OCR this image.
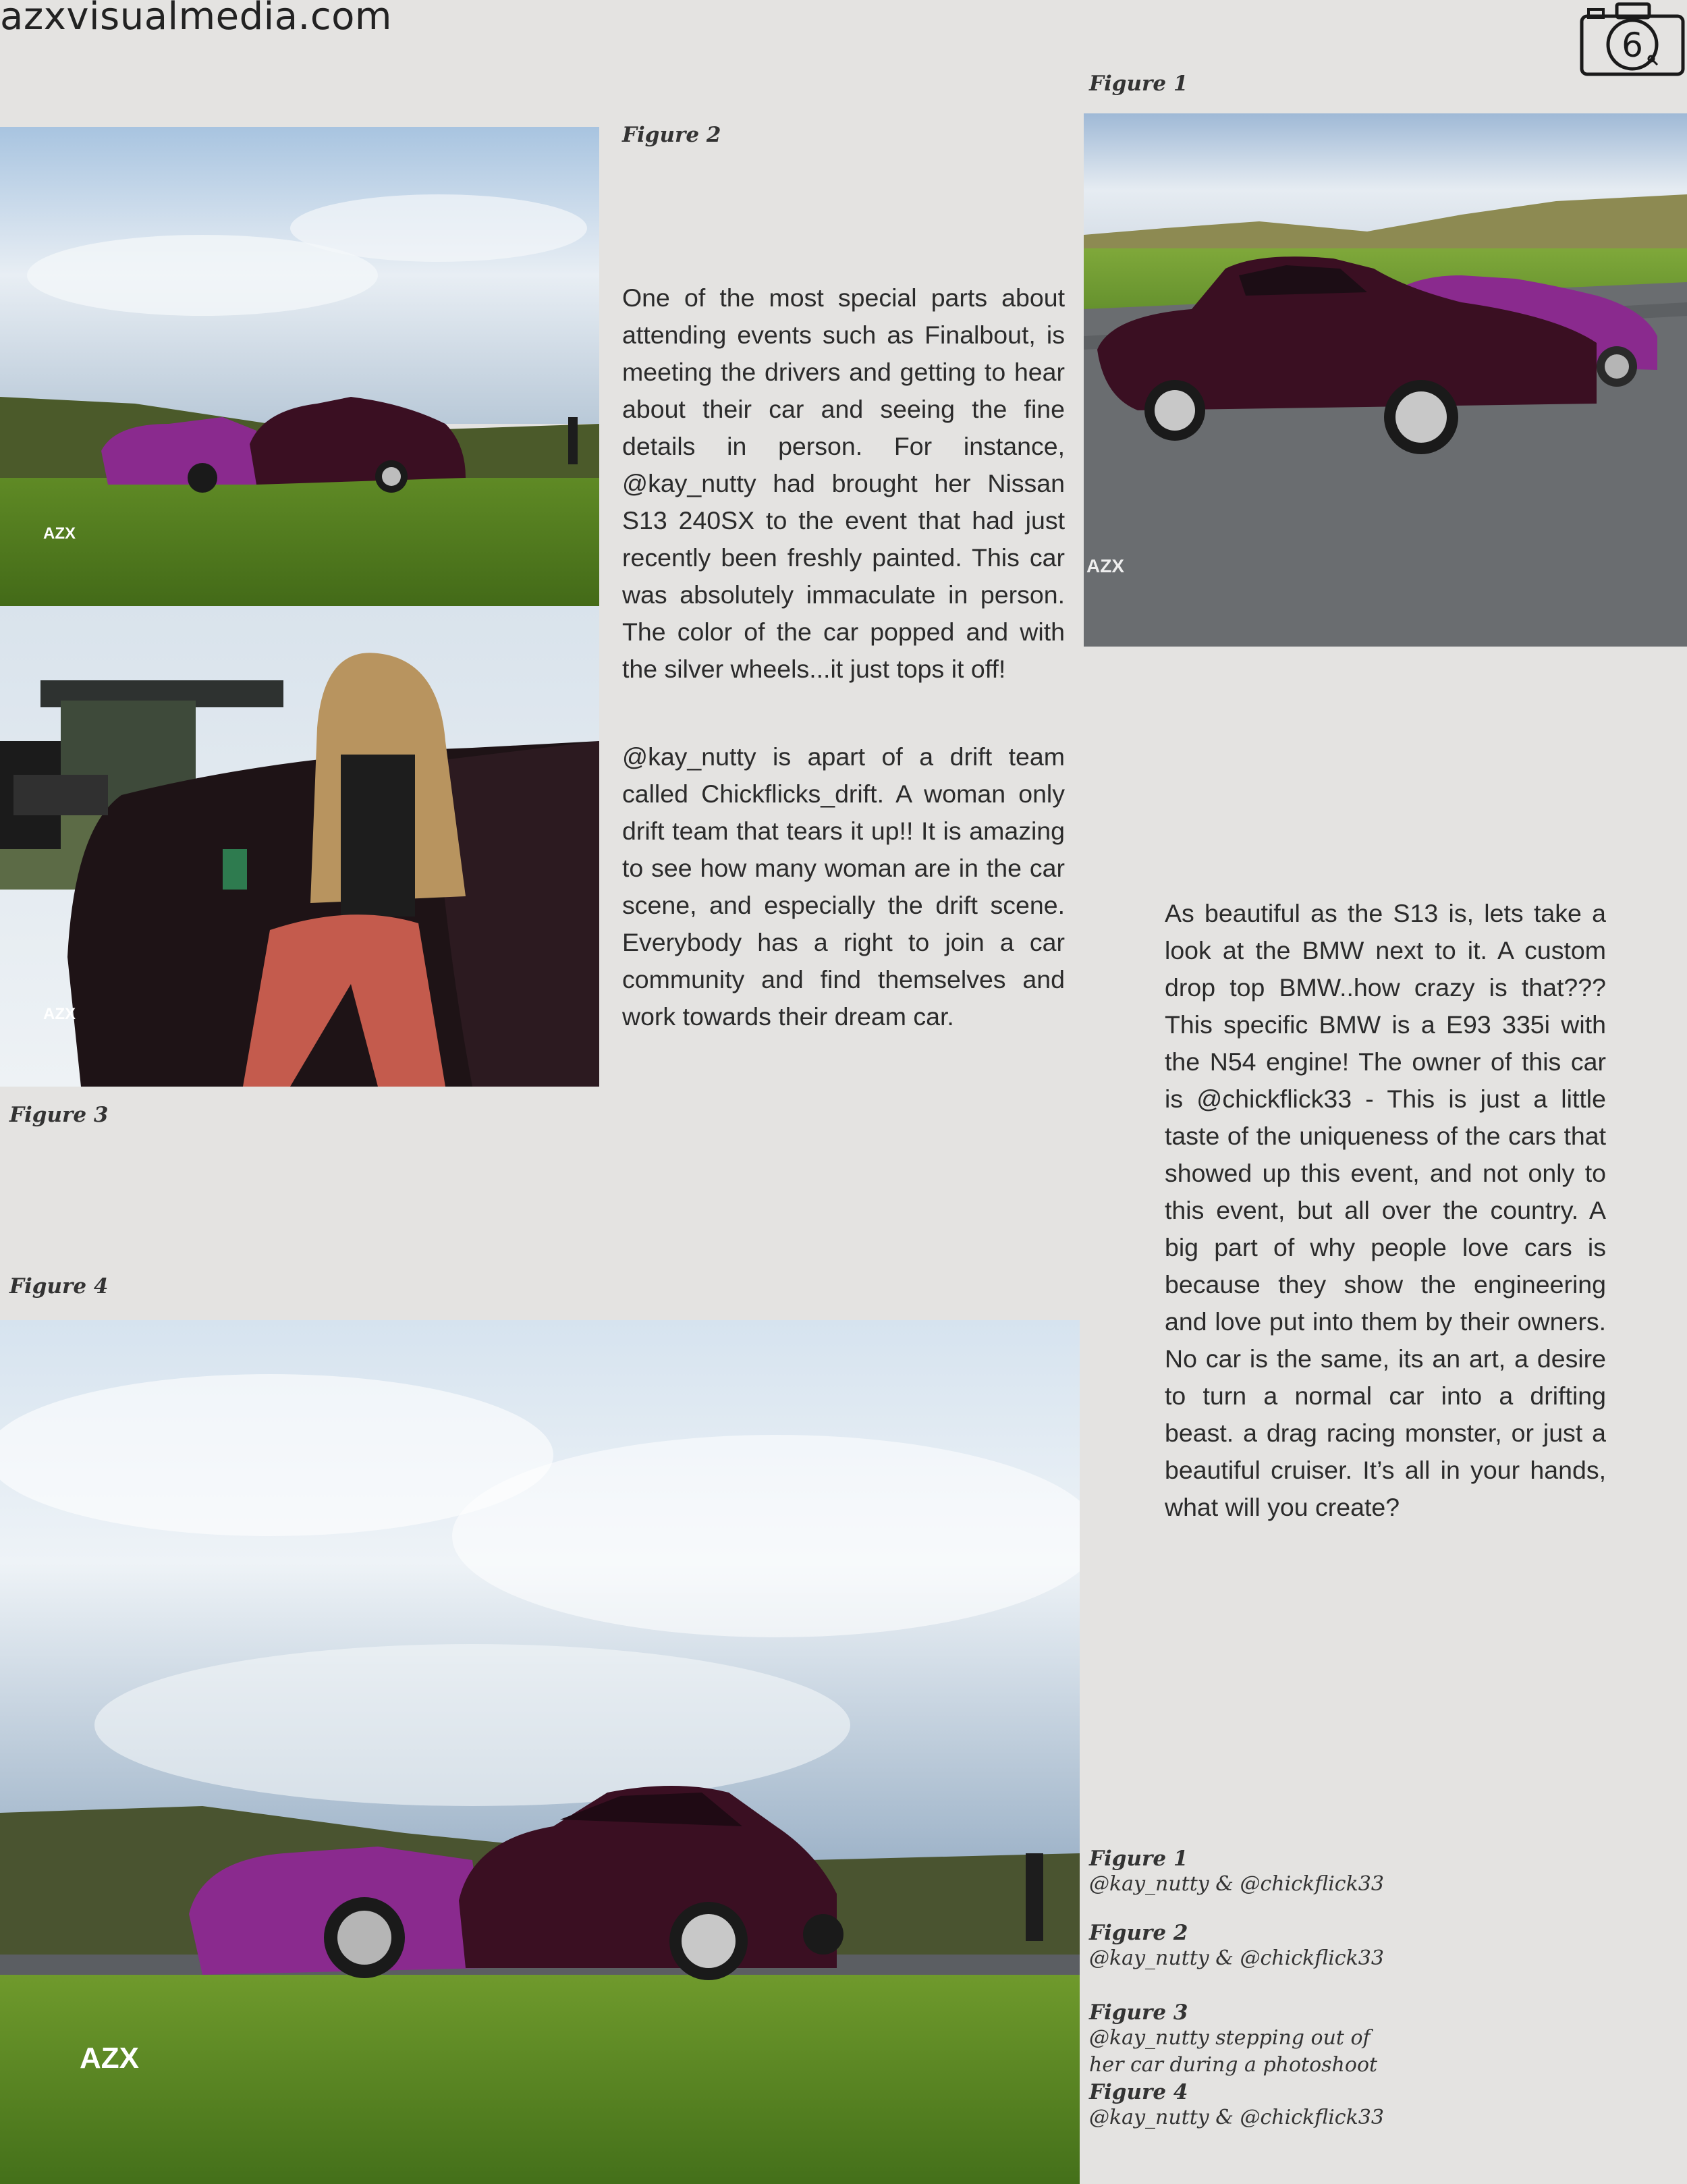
azxvisualmedia.com
6
Figure 1
AZX
Figure 2
AZX
AZX
Figure 3
One of the most special parts about attending events such as Finalbout, is meeting the drivers and getting to hear about their car and seeing the fine details in person. For instance, @kay_nutty had brought her Nissan S13 240SX to the event that had just recently been freshly painted. This car was absolutely immaculate in person. The color of the car popped and with the silver wheels...it just tops it off!
@kay_nutty is apart of a drift team called Chickflicks_drift. A woman only drift team that tears it up!! It is amazing to see how many woman are in the car scene, and especially the drift scene. Everybody has a right to join a car community and find themselves and work towards their dream car.
As beautiful as the S13 is, lets take a look at the BMW next to it. A custom drop top BMW..how crazy is that??? This specific BMW is a E93 335i with the N54 engine! The owner of this car is @chickflick33 - This is just a little taste of the uniqueness of the cars that showed up this event, and not only to this event, but all over the country. A big part of why people love cars is because they show the engineering and love put into them by their owners. No car is the same, its an art, a desire to turn a normal car into a drifting beast. a drag racing monster, or just a beautiful cruiser. It’s all in your hands, what will you create?
Figure 4
AZX
Figure 1
@kay_nutty & @chickflick33
Figure 2
@kay_nutty & @chickflick33
Figure 3
@kay_nutty stepping out of her car during a photoshoot
Figure 4
@kay_nutty & @chickflick33
